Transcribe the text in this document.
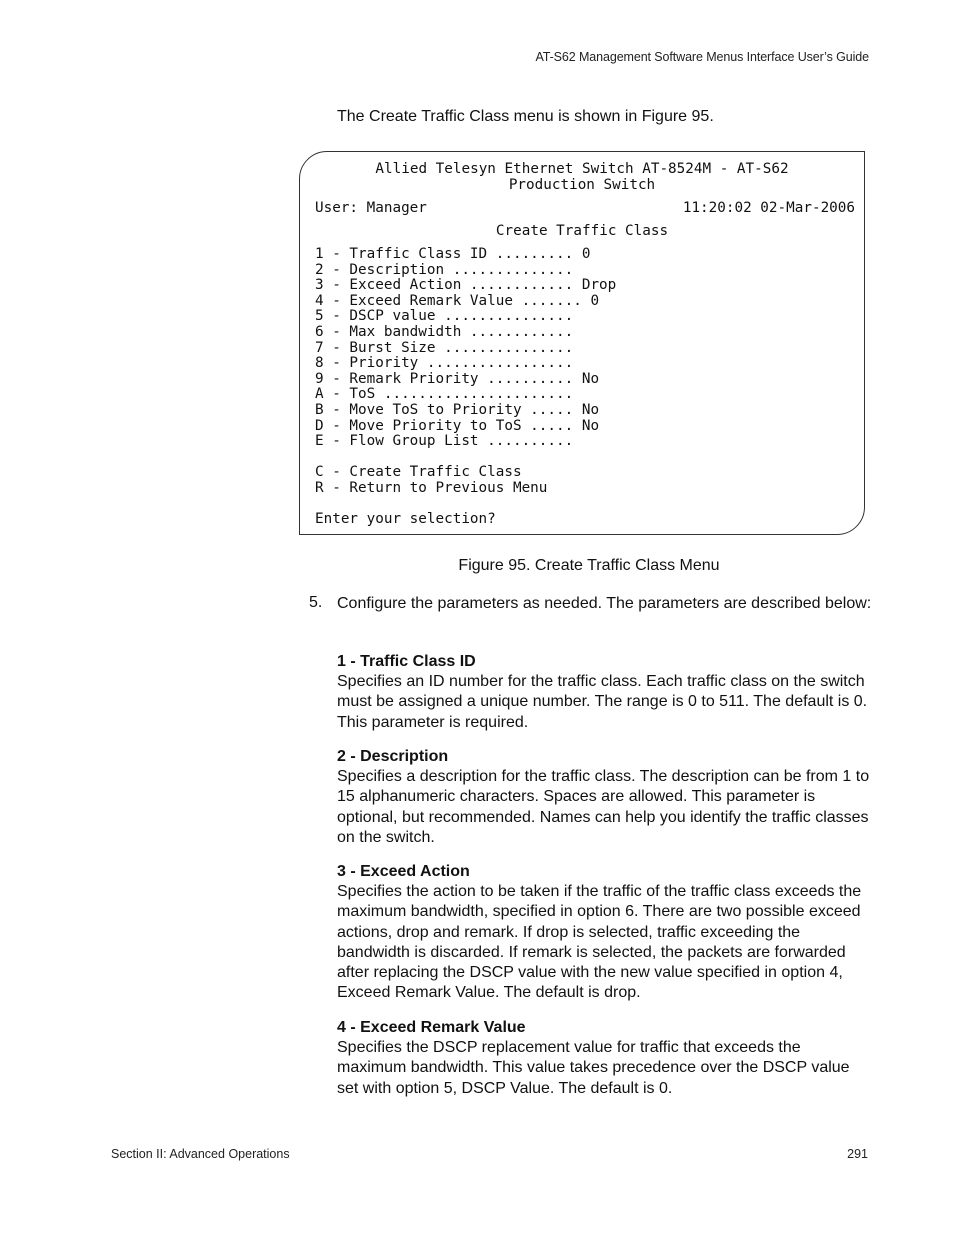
AT-S62 Management Software Menus Interface User’s Guide
The Create Traffic Class menu is shown in Figure 95.
Allied Telesyn Ethernet Switch AT-8524M - AT-S62
Production Switch
User: Manager	11:20:02 02-Mar-2006
Create Traffic Class
1 - Traffic Class ID ......... 0
2 - Description ..............
3 - Exceed Action ............ Drop
4 - Exceed Remark Value ....... 0
5 - DSCP value ...............
6 - Max bandwidth ............
7 - Burst Size ...............
8 - Priority .................
9 - Remark Priority .......... No
A - ToS ......................
B - Move ToS to Priority ..... No
D - Move Priority to ToS ..... No
E - Flow Group List ..........
C - Create Traffic Class
R - Return to Previous Menu
Enter your selection?
Figure 95. Create Traffic Class Menu
5. Configure the parameters as needed. The parameters are described below:
1 - Traffic Class ID
Specifies an ID number for the traffic class. Each traffic class on the switch must be assigned a unique number. The range is 0 to 511. The default is 0. This parameter is required.
2 - Description
Specifies a description for the traffic class. The description can be from 1 to 15 alphanumeric characters. Spaces are allowed. This parameter is optional, but recommended. Names can help you identify the traffic classes on the switch.
3 - Exceed Action
Specifies the action to be taken if the traffic of the traffic class exceeds the maximum bandwidth, specified in option 6. There are two possible exceed actions, drop and remark. If drop is selected, traffic exceeding the bandwidth is discarded. If remark is selected, the packets are forwarded after replacing the DSCP value with the new value specified in option 4, Exceed Remark Value. The default is drop.
4 - Exceed Remark Value
Specifies the DSCP replacement value for traffic that exceeds the maximum bandwidth. This value takes precedence over the DSCP value set with option 5, DSCP Value. The default is 0.
Section II: Advanced Operations	291
